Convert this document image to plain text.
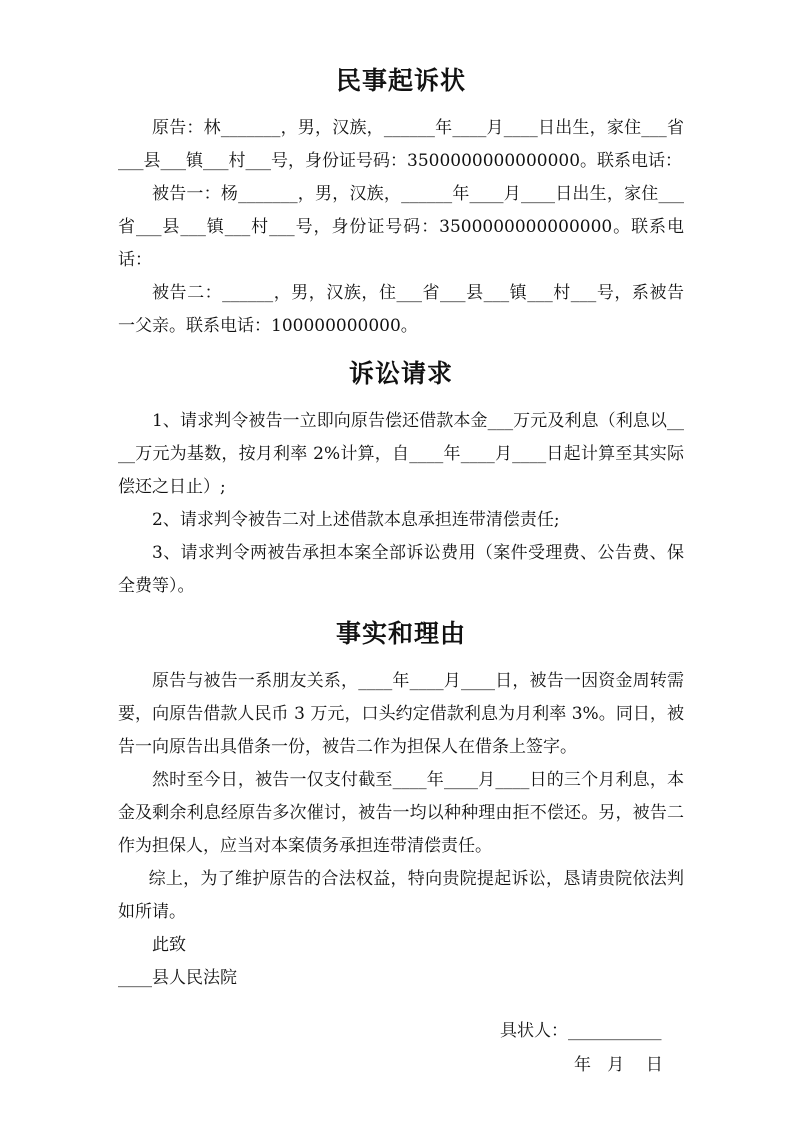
民事起诉状

原告：林_______，男，汉族，______年____月____日出生，家住___省___县___镇___村___号，身份证号码：3500000000000000。联系电话：

被告一：杨_______，男，汉族，______年____月____日出生，家住___省___县___镇___村___号，身份证号码：3500000000000000。联系电话：

被告二：______，男，汉族，住___省___县___镇___村___号，系被告一父亲。联系电话：100000000000。

诉讼请求

1、请求判令被告一立即向原告偿还借款本金___万元及利息（利息以____万元为基数，按月利率 2%计算，自____年____月____日起计算至其实际偿还之日止）;

2、请求判令被告二对上述借款本息承担连带清偿责任;

3、请求判令两被告承担本案全部诉讼费用（案件受理费、公告费、保全费等）。

事实和理由

原告与被告一系朋友关系，____年____月____日，被告一因资金周转需要，向原告借款人民币 3 万元，口头约定借款利息为月利率 3%。同日，被告一向原告出具借条一份，被告二作为担保人在借条上签字。

然时至今日，被告一仅支付截至____年____月____日的三个月利息，本金及剩余利息经原告多次催讨，被告一均以种种理由拒不偿还。另，被告二作为担保人，应当对本案债务承担连带清偿责任。

综上，为了维护原告的合法权益，特向贵院提起诉讼，恳请贵院依法判如所请。

此致

____县人民法院

具状人：___________
年   月    日
